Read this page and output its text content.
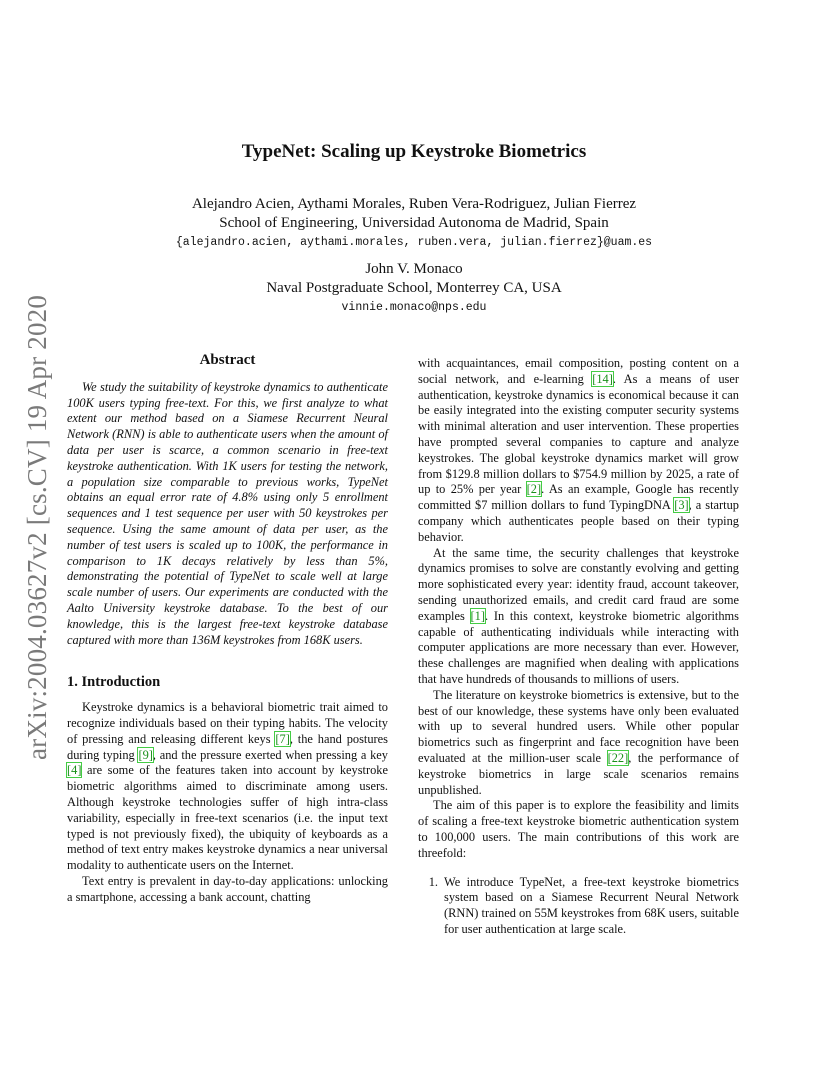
arXiv:2004.03627v2 [cs.CV] 19 Apr 2020
TypeNet: Scaling up Keystroke Biometrics
Alejandro Acien, Aythami Morales, Ruben Vera-Rodriguez, Julian Fierrez
School of Engineering, Universidad Autonoma de Madrid, Spain
{alejandro.acien, aythami.morales, ruben.vera, julian.fierrez}@uam.es
John V. Monaco
Naval Postgraduate School, Monterrey CA, USA
vinnie.monaco@nps.edu
Abstract

We study the suitability of keystroke dynamics to authenticate 100K users typing free-text. For this, we first analyze to what extent our method based on a Siamese Recurrent Neural Network (RNN) is able to authenticate users when the amount of data per user is scarce, a common scenario in free-text keystroke authentication. With 1K users for testing the network, a population size comparable to previous works, TypeNet obtains an equal error rate of 4.8% using only 5 enrollment sequences and 1 test sequence per user with 50 keystrokes per sequence. Using the same amount of data per user, as the number of test users is scaled up to 100K, the performance in comparison to 1K decays relatively by less than 5%, demonstrating the potential of TypeNet to scale well at large scale number of users. Our experiments are conducted with the Aalto University keystroke database. To the best of our knowledge, this is the largest free-text keystroke database captured with more than 136M keystrokes from 168K users.

1. Introduction

Keystroke dynamics is a behavioral biometric trait aimed to recognize individuals based on their typing habits. The velocity of pressing and releasing different keys [7], the hand postures during typing [9], and the pressure exerted when pressing a key [4] are some of the features taken into account by keystroke biometric algorithms aimed to discriminate among users. Although keystroke technologies suffer of high intra-class variability, especially in free-text scenarios (i.e. the input text typed is not previously fixed), the ubiquity of keyboards as a method of text entry makes keystroke dynamics a near universal modality to authenticate users on the Internet.

Text entry is prevalent in day-to-day applications: unlocking a smartphone, accessing a bank account, chatting

with acquaintances, email composition, posting content on a social network, and e-learning [14]. As a means of user authentication, keystroke dynamics is economical because it can be easily integrated into the existing computer security systems with minimal alteration and user intervention. These properties have prompted several companies to capture and analyze keystrokes. The global keystroke dynamics market will grow from $129.8 million dollars to $754.9 million by 2025, a rate of up to 25% per year [2]. As an example, Google has recently committed $7 million dollars to fund TypingDNA [3], a startup company which authenticates people based on their typing behavior.

At the same time, the security challenges that keystroke dynamics promises to solve are constantly evolving and getting more sophisticated every year: identity fraud, account takeover, sending unauthorized emails, and credit card fraud are some examples [1]. In this context, keystroke biometric algorithms capable of authenticating individuals while interacting with computer applications are more necessary than ever. However, these challenges are magnified when dealing with applications that have hundreds of thousands to millions of users.

The literature on keystroke biometrics is extensive, but to the best of our knowledge, these systems have only been evaluated with up to several hundred users. While other popular biometrics such as fingerprint and face recognition have been evaluated at the million-user scale [22], the performance of keystroke biometrics in large scale scenarios remains unpublished.

The aim of this paper is to explore the feasibility and limits of scaling a free-text keystroke biometric authentication system to 100,000 users. The main contributions of this work are threefold:

1. We introduce TypeNet, a free-text keystroke biometrics system based on a Siamese Recurrent Neural Network (RNN) trained on 55M keystrokes from 68K users, suitable for user authentication at large scale.
